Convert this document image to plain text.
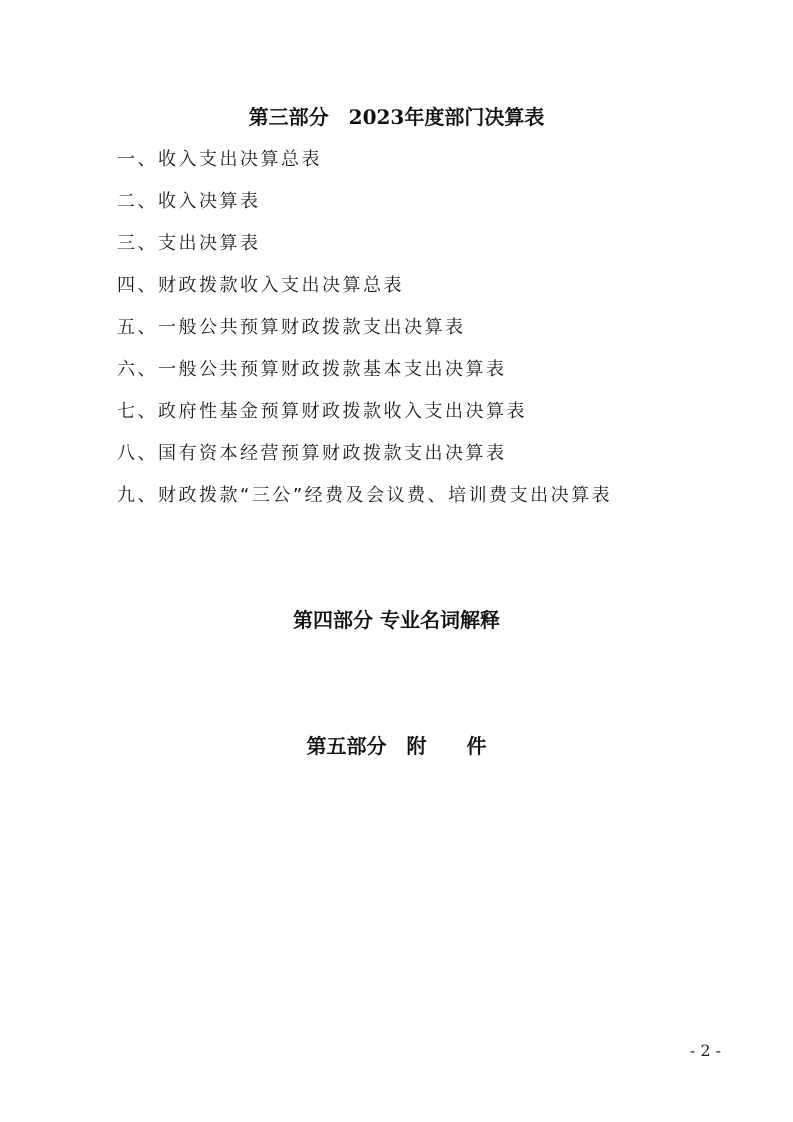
第三部分　2023年度部门决算表
一、收入支出决算总表
二、收入决算表
三、支出决算表
四、财政拨款收入支出决算总表
五、一般公共预算财政拨款支出决算表
六、一般公共预算财政拨款基本支出决算表
七、政府性基金预算财政拨款收入支出决算表
八、国有资本经营预算财政拨款支出决算表
九、财政拨款“三公”经费及会议费、培训费支出决算表
第四部分 专业名词解释
第五部分　附　　件
- 2 -
